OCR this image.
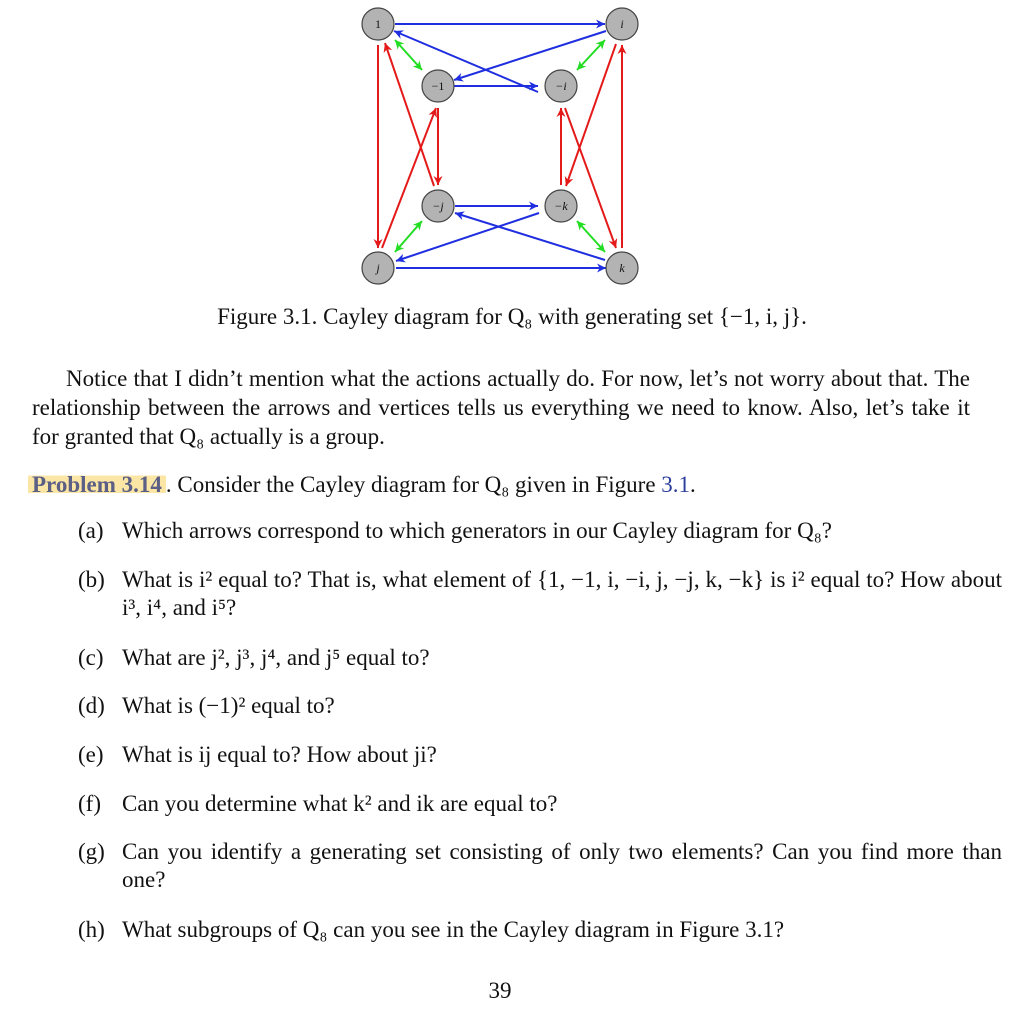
1	i
−1	−i
−j	−k
j	k
Figure 3.1. Cayley diagram for Q₈ with generating set {−1, i, j}.

Notice that I didn’t mention what the actions actually do. For now, let’s not worry about that. The relationship between the arrows and vertices tells us everything we need to know. Also, let’s take it for granted that Q₈ actually is a group.

Problem 3.14 . Consider the Cayley diagram for Q₈ given in Figure 3.1.
(a) Which arrows correspond to which generators in our Cayley diagram for Q₈?
(b) What is i² equal to? That is, what element of {1, −1, i, −i, j, −j, k, −k} is i² equal to? How about i³, i⁴, and i⁵?
(c) What are j², j³, j⁴, and j⁵ equal to?
(d) What is (−1)² equal to?
(e) What is ij equal to? How about ji?
(f) Can you determine what k² and ik are equal to?
(g) Can you identify a generating set consisting of only two elements? Can you find more than one?
(h) What subgroups of Q₈ can you see in the Cayley diagram in Figure 3.1?
39
